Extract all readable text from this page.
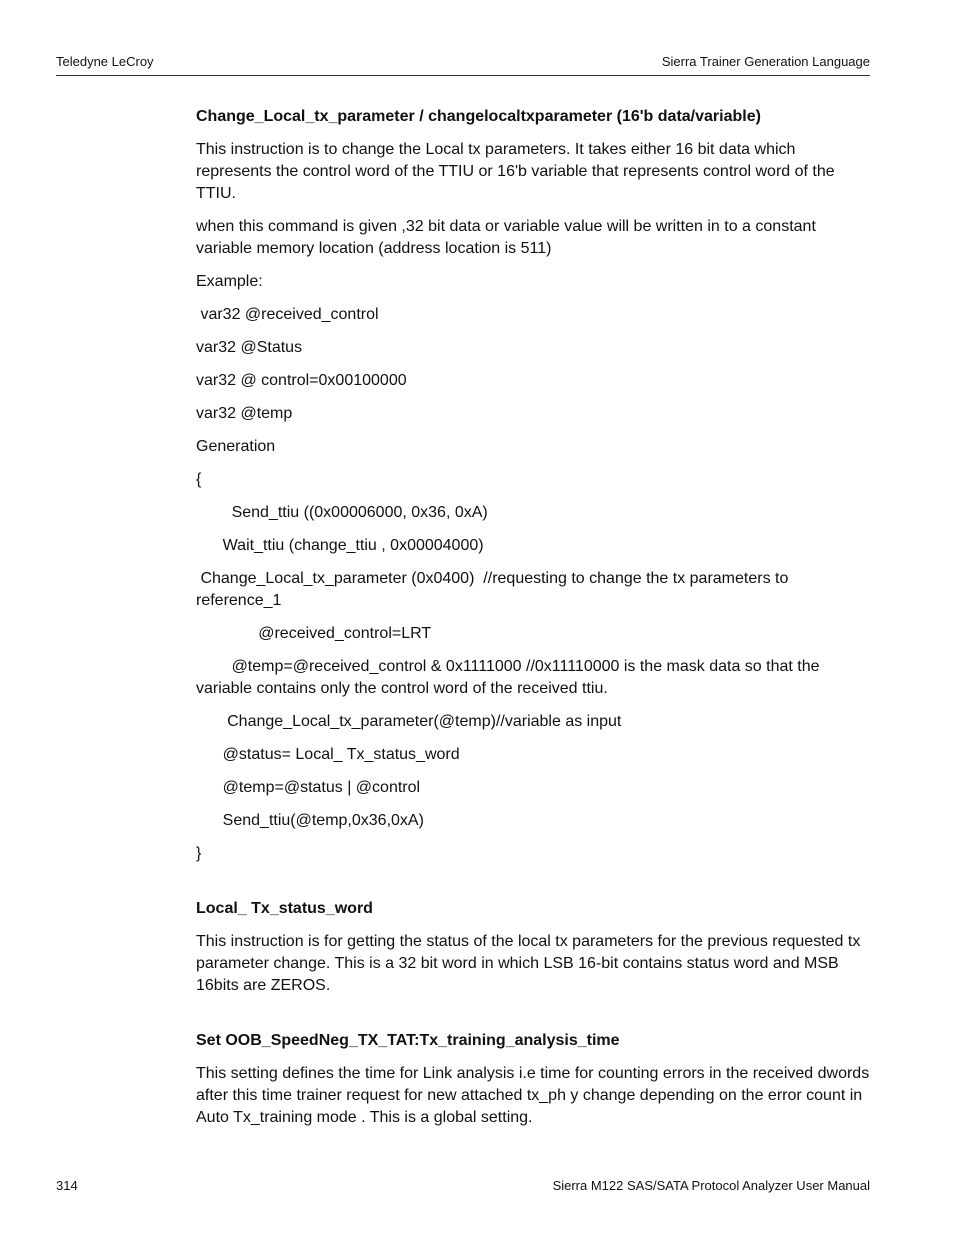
Teledyne LeCroy	Sierra Trainer Generation Language
Change_Local_tx_parameter / changelocaltxparameter (16'b data/variable)
This instruction is to change the Local tx parameters. It takes either 16 bit data which represents the control word of the TTIU or 16'b variable that represents control word of the TTIU.
when this command is given ,32 bit data or variable value will be written in to a constant variable memory location (address location is 511)
Example:
var32 @received_control
var32 @Status
var32 @ control=0x00100000
var32 @temp
Generation
{
Send_ttiu ((0x00006000, 0x36, 0xA)
Wait_ttiu (change_ttiu , 0x00004000)
Change_Local_tx_parameter (0x0400)  //requesting to change the tx parameters to reference_1
@received_control=LRT
@temp=@received_control & 0x1111000 //0x11110000 is the mask data so that the variable contains only the control word of the received ttiu.
Change_Local_tx_parameter(@temp)//variable as input
@status= Local_ Tx_status_word
@temp=@status | @control
Send_ttiu(@temp,0x36,0xA)
}
Local_ Tx_status_word
This instruction is for getting the status of the local tx parameters for the previous requested tx parameter change. This is a 32 bit word in which LSB 16-bit contains status word and MSB 16bits are ZEROS.
Set OOB_SpeedNeg_TX_TAT:Tx_training_analysis_time
This setting defines the time for Link analysis i.e time for counting errors in the received dwords after this time trainer request for new attached tx_ph y change depending on the error count in Auto Tx_training mode . This is a global setting.
314	Sierra M122 SAS/SATA Protocol Analyzer User Manual
